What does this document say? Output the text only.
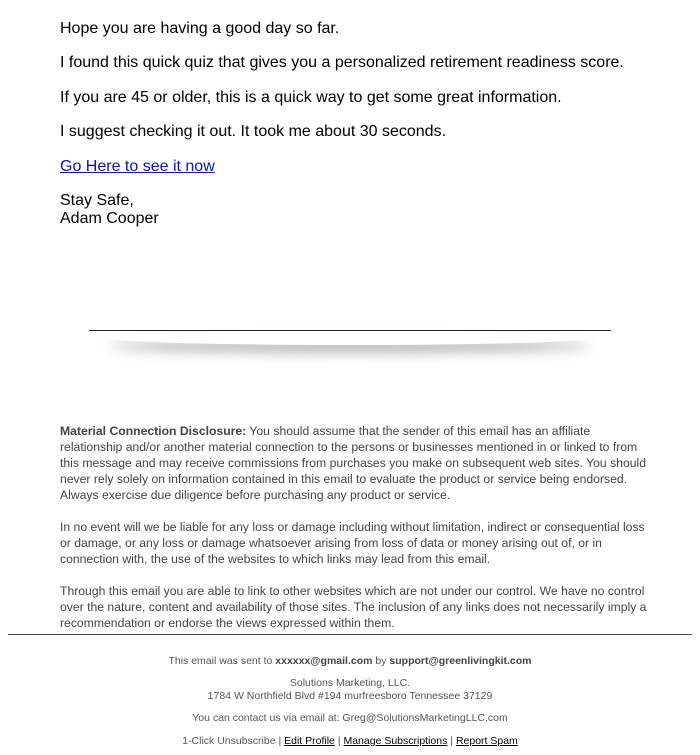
Hope you are having a good day so far.

I found this quick quiz that gives you a personalized retirement readiness score.

If you are 45 or older, this is a quick way to get some great information.

I suggest checking it out. It took me about 30 seconds.

Go Here to see it now

Stay Safe,
Adam Cooper

Material Connection Disclosure: You should assume that the sender of this email has an affiliate relationship and/or another material connection to the persons or businesses mentioned in or linked to from this message and may receive commissions from purchases you make on subsequent web sites. You should never rely solely on information contained in this email to evaluate the product or service being endorsed. Always exercise due diligence before purchasing any product or service.

In no event will we be liable for any loss or damage including without limitation, indirect or consequential loss or damage, or any loss or damage whatsoever arising from loss of data or money arising out of, or in connection with, the use of the websites to which links may lead from this email.

Through this email you are able to link to other websites which are not under our control. We have no control over the nature, content and availability of those sites. The inclusion of any links does not necessarily imply a recommendation or endorse the views expressed within them.

This email was sent to xxxxxx@gmail.com by support@greenlivingkit.com
Solutions Marketing, LLC.
1784 W Northfield Blvd #194 murfreesboro Tennessee 37129
You can contact us via email at: Greg@SolutionsMarketingLLC.com
1-Click Unsubscribe | Edit Profile | Manage Subscriptions | Report Spam
